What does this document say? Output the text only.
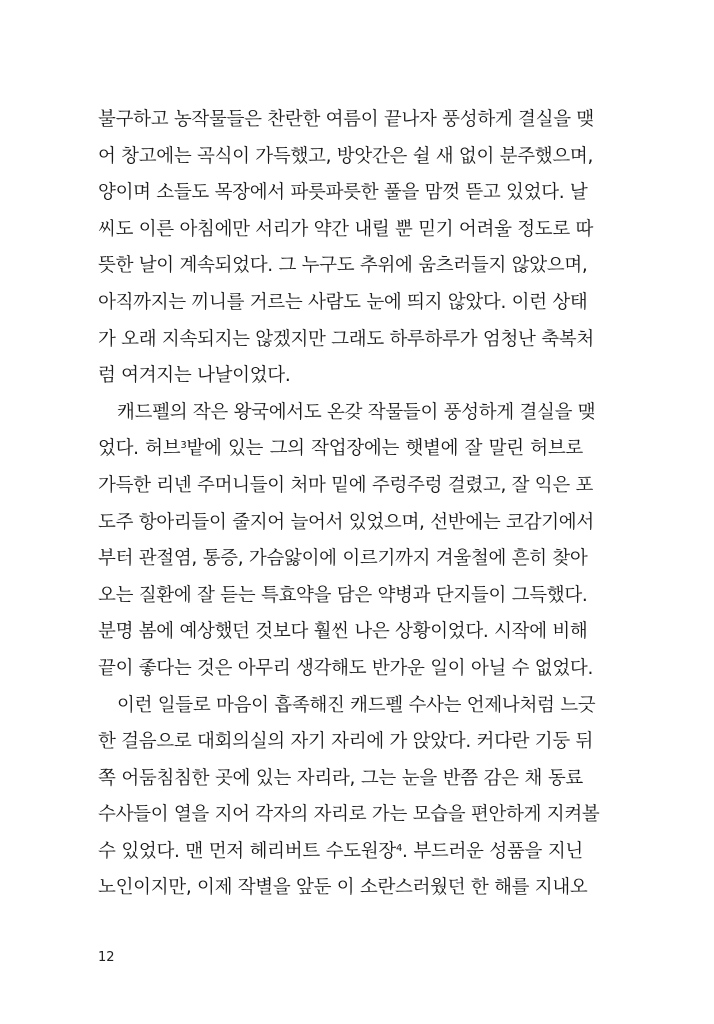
불구하고 농작물들은 찬란한 여름이 끝나자 풍성하게 결실을 맺
어 창고에는 곡식이 가득했고, 방앗간은 쉴 새 없이 분주했으며,
양이며 소들도 목장에서 파릇파릇한 풀을 맘껏 뜯고 있었다. 날
씨도 이른 아침에만 서리가 약간 내릴 뿐 믿기 어려울 정도로 따
뜻한 날이 계속되었다. 그 누구도 추위에 움츠러들지 않았으며,
아직까지는 끼니를 거르는 사람도 눈에 띄지 않았다. 이런 상태
가 오래 지속되지는 않겠지만 그래도 하루하루가 엄청난 축복처
럼 여겨지는 나날이었다.
캐드펠의 작은 왕국에서도 온갖 작물들이 풍성하게 결실을 맺
었다. 허브$^3$밭에 있는 그의 작업장에는 햇볕에 잘 말린 허브로
가득한 리넨 주머니들이 처마 밑에 주렁주렁 걸렸고, 잘 익은 포
도주 항아리들이 줄지어 늘어서 있었으며, 선반에는 코감기에서
부터 관절염, 통증, 가슴앓이에 이르기까지 겨울철에 흔히 찾아
오는 질환에 잘 듣는 특효약을 담은 약병과 단지들이 그득했다.
분명 봄에 예상했던 것보다 훨씬 나은 상황이었다. 시작에 비해
끝이 좋다는 것은 아무리 생각해도 반가운 일이 아닐 수 없었다.
이런 일들로 마음이 흡족해진 캐드펠 수사는 언제나처럼 느긋
한 걸음으로 대회의실의 자기 자리에 가 앉았다. 커다란 기둥 뒤
쪽 어둠침침한 곳에 있는 자리라, 그는 눈을 반쯤 감은 채 동료
수사들이 열을 지어 각자의 자리로 가는 모습을 편안하게 지켜볼
수 있었다. 맨 먼저 헤리버트 수도원장$^4$. 부드러운 성품을 지닌
노인이지만, 이제 작별을 앞둔 이 소란스러웠던 한 해를 지내오
12
